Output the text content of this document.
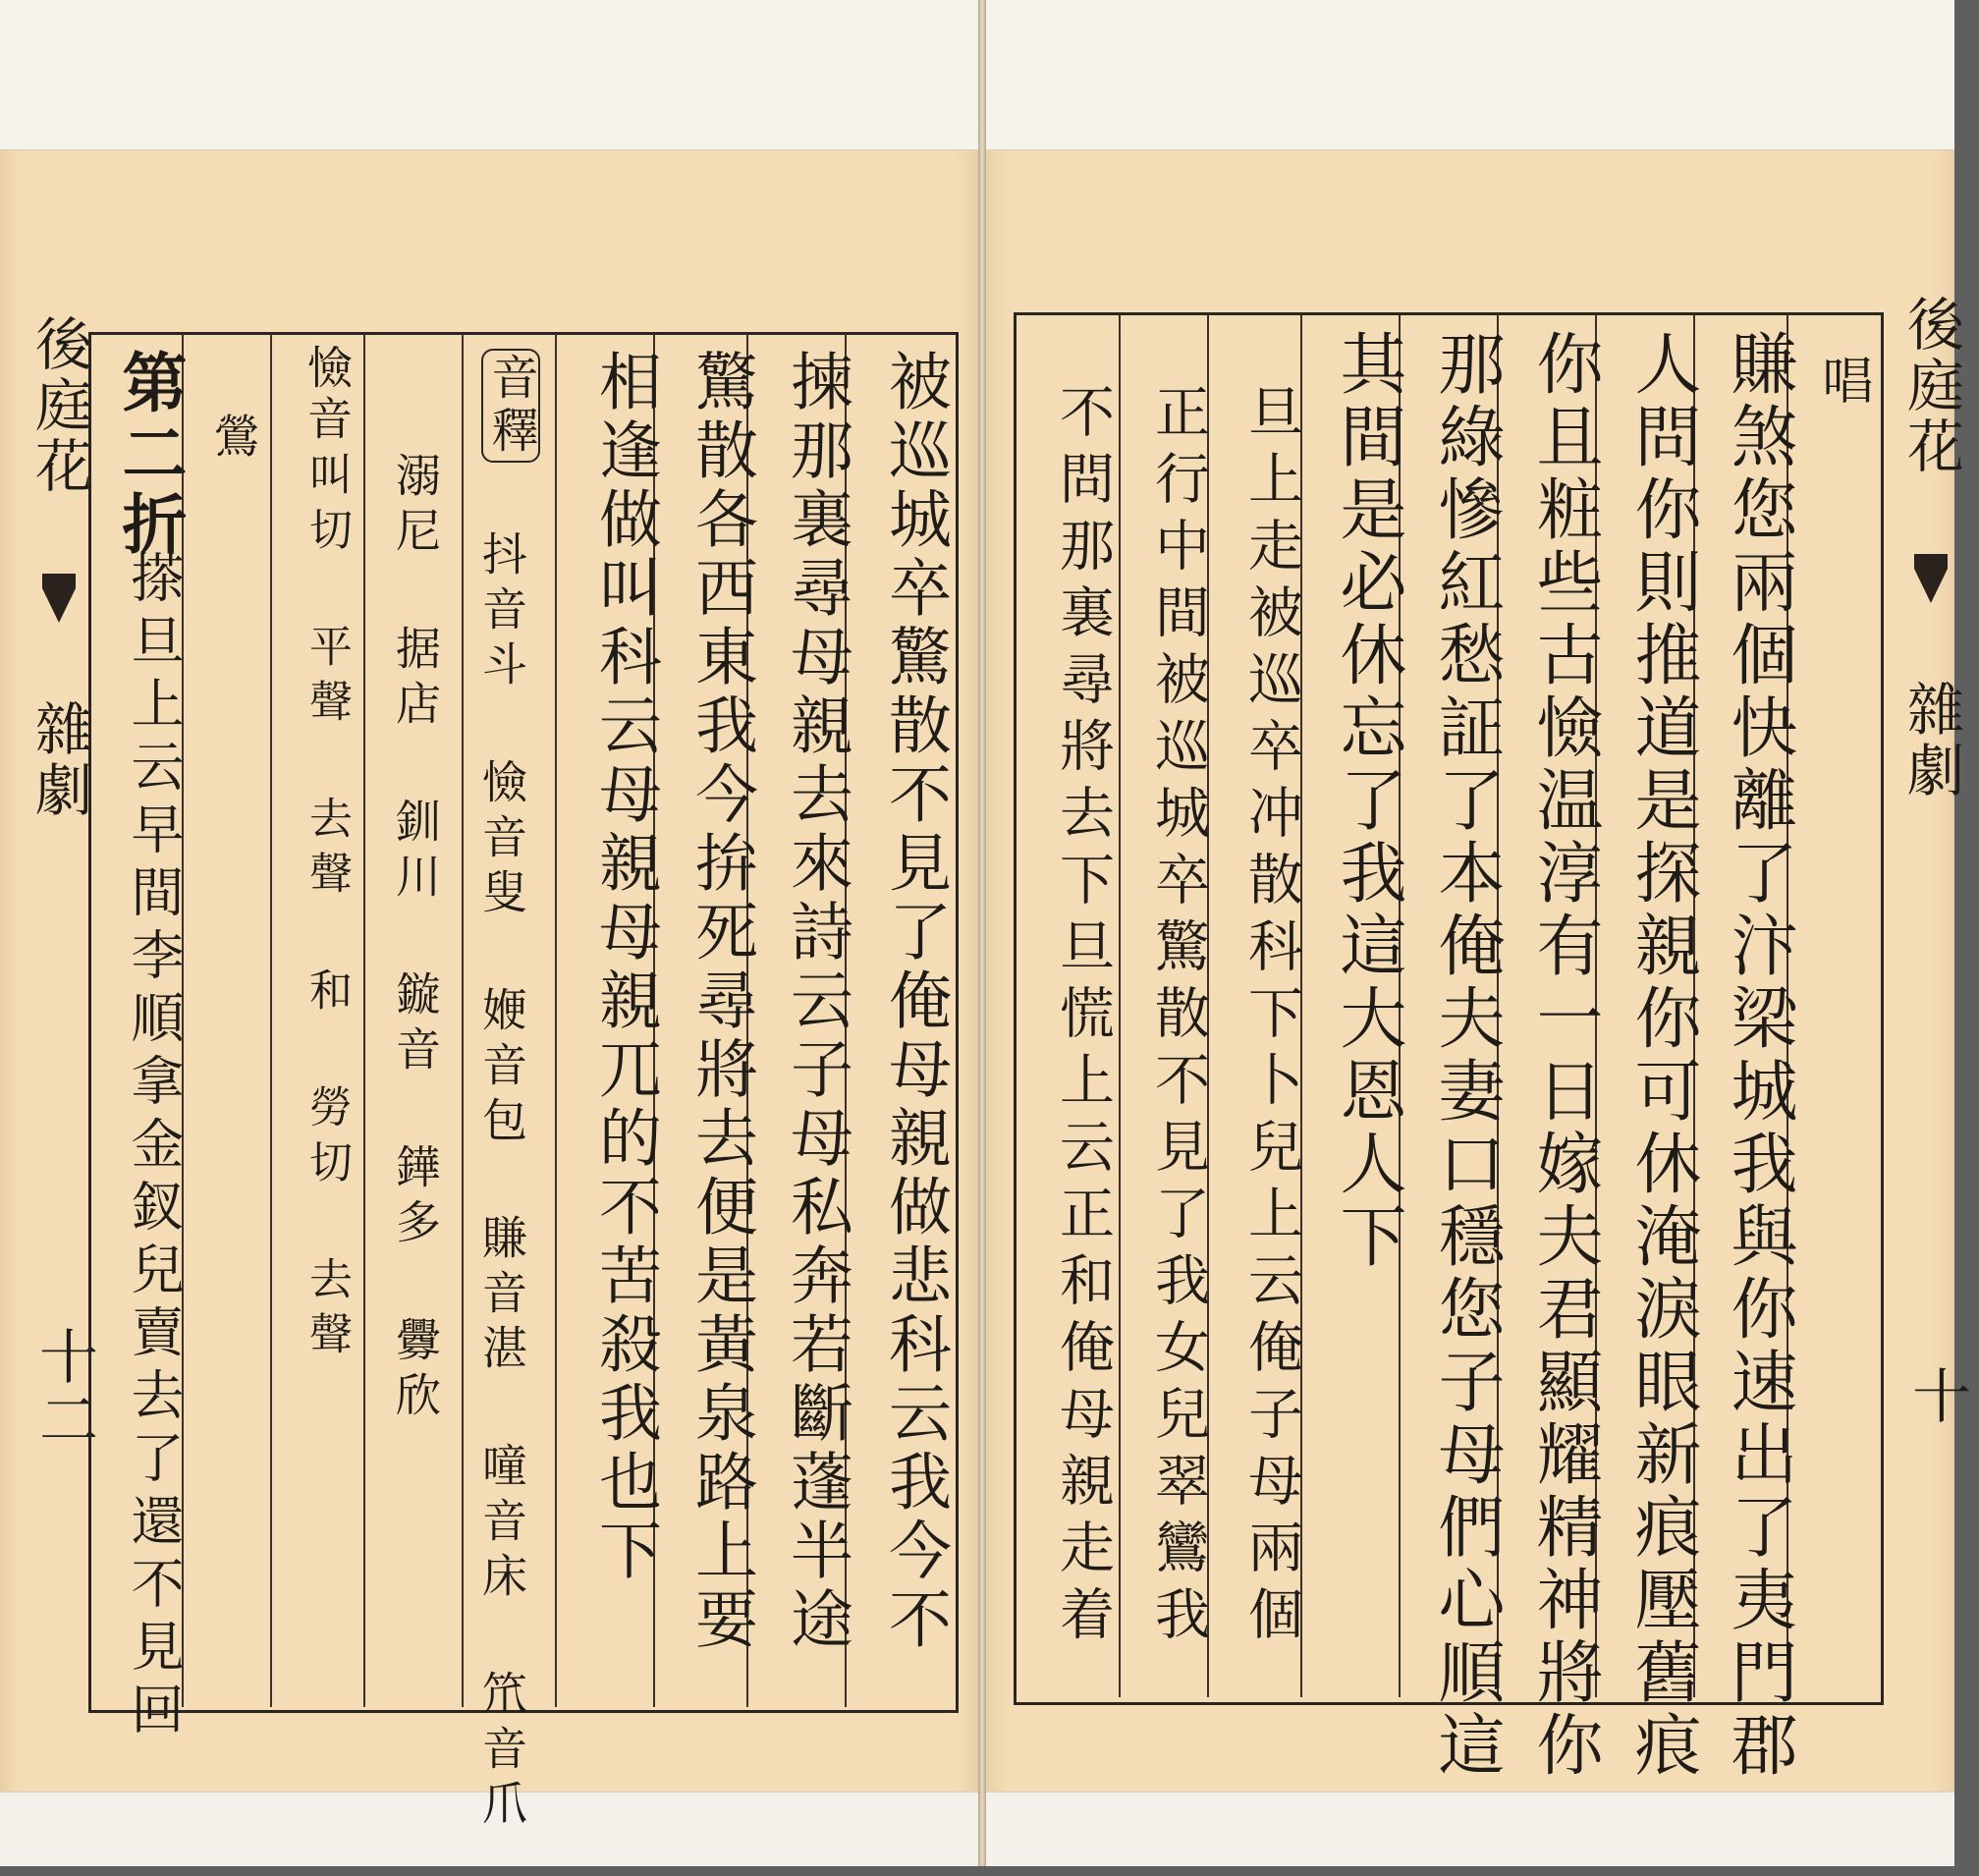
後庭花  雜劇
十二	被巡城卒驚散不見了俺母親做悲科云我今不
揀那裏尋母親去來詩云子母私奔若斷蓬半途
驚散各西東我今拚死尋將去便是黃泉路上要
相逢做叫科云母親母親兀的不苦殺我也下
音釋
溺尼 据店 釧川 鏇音 鏵多 釁欣 抖音斗 憸音叟 㛹音包 賺音湛 噇音床 笊音爪
叫切 平聲 去聲 和 勞切 去聲
憸音
鶯
第二折
搽旦上云早間李順拿金釵兒賣去了還不見回
唱
賺煞您兩個快離了汴梁城我與你速出了夷門郡
人問你則推道是探親你可休淹淚眼新痕壓舊痕
你且粧些古憸温淳有一日嫁夫君顯耀精神將你
那綠慘紅愁証了本俺夫妻口穩您子母們心順這
其間是必休忘了我這大恩人下
旦上走被巡卒冲散科下卜兒上云俺子母兩個
正行中間被巡城卒驚散不見了我女兒翠鸞我
不問那裏尋將去下旦慌上云正和俺母親走着	後庭花  雜劇
十
